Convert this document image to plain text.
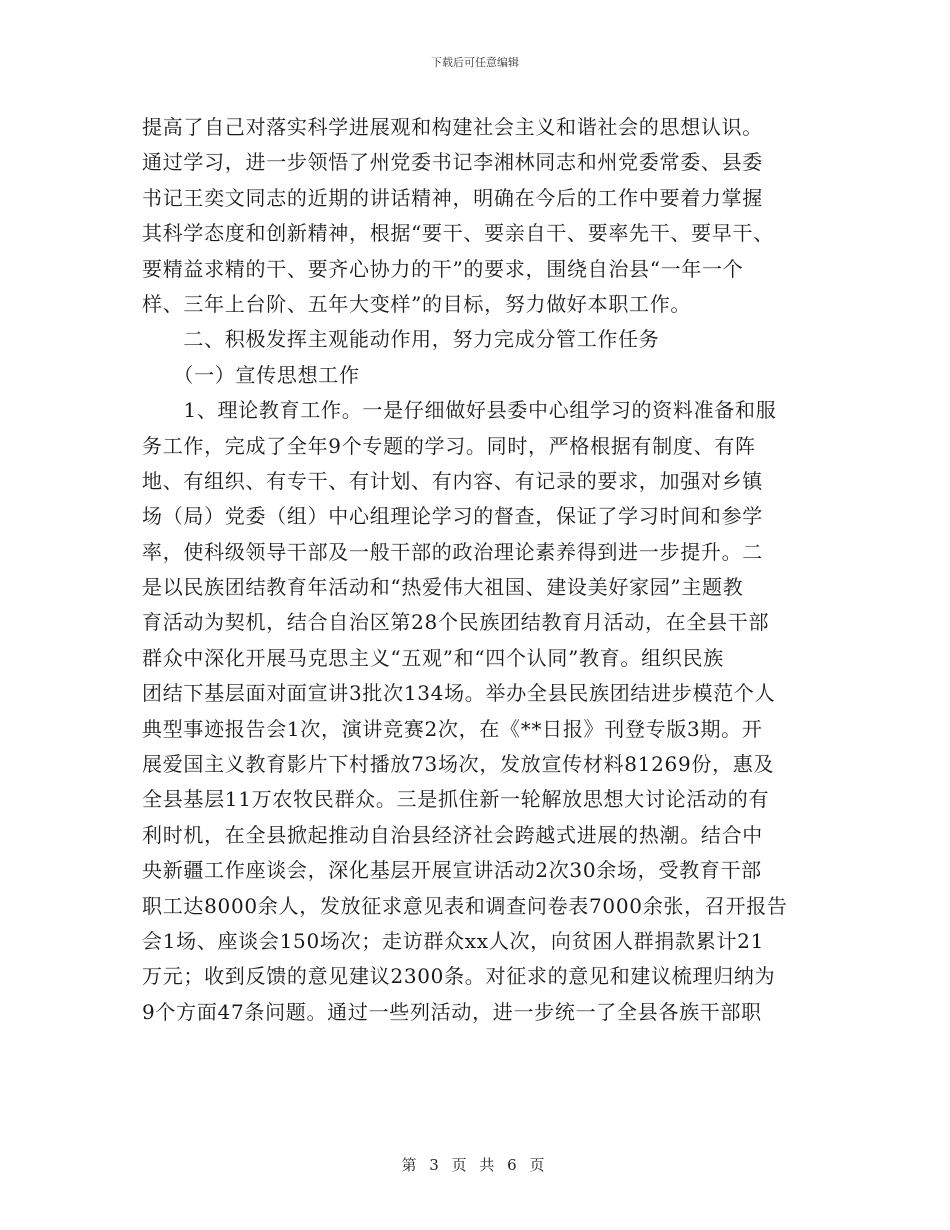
下载后可任意编辑
提高了自己对落实科学进展观和构建社会主义和谐社会的思想认识。
通过学习，进一步领悟了州党委书记李湘林同志和州党委常委、县委
书记王奕文同志的近期的讲话精神，明确在今后的工作中要着力掌握
其科学态度和创新精神，根据“要干、要亲自干、要率先干、要早干、
要精益求精的干、要齐心协力的干”的要求，围绕自治县“一年一个
样、三年上台阶、五年大变样”的目标，努力做好本职工作。
　　二、积极发挥主观能动作用，努力完成分管工作任务
　　（一）宣传思想工作
　　1、理论教育工作。一是仔细做好县委中心组学习的资料准备和服
务工作，完成了全年9个专题的学习。同时，严格根据有制度、有阵
地、有组织、有专干、有计划、有内容、有记录的要求，加强对乡镇
场（局）党委（组）中心组理论学习的督查，保证了学习时间和参学
率，使科级领导干部及一般干部的政治理论素养得到进一步提升。二
是以民族团结教育年活动和“热爱伟大祖国、建设美好家园”主题教
育活动为契机，结合自治区第28个民族团结教育月活动，在全县干部
群众中深化开展马克思主义“五观”和“四个认同”教育。组织民族
团结下基层面对面宣讲3批次134场。举办全县民族团结进步模范个人
典型事迹报告会1次，演讲竞赛2次，在《**日报》刊登专版3期。开
展爱国主义教育影片下村播放73场次，发放宣传材料81269份，惠及
全县基层11万农牧民群众。三是抓住新一轮解放思想大讨论活动的有
利时机，在全县掀起推动自治县经济社会跨越式进展的热潮。结合中
央新疆工作座谈会，深化基层开展宣讲活动2次30余场，受教育干部
职工达8000余人，发放征求意见表和调查问卷表7000余张，召开报告
会1场、座谈会150场次；走访群众xx人次，向贫困人群捐款累计21
万元；收到反馈的意见建议2300条。对征求的意见和建议梳理归纳为
9个方面47条问题。通过一些列活动，进一步统一了全县各族干部职
第 3 页 共 6 页
